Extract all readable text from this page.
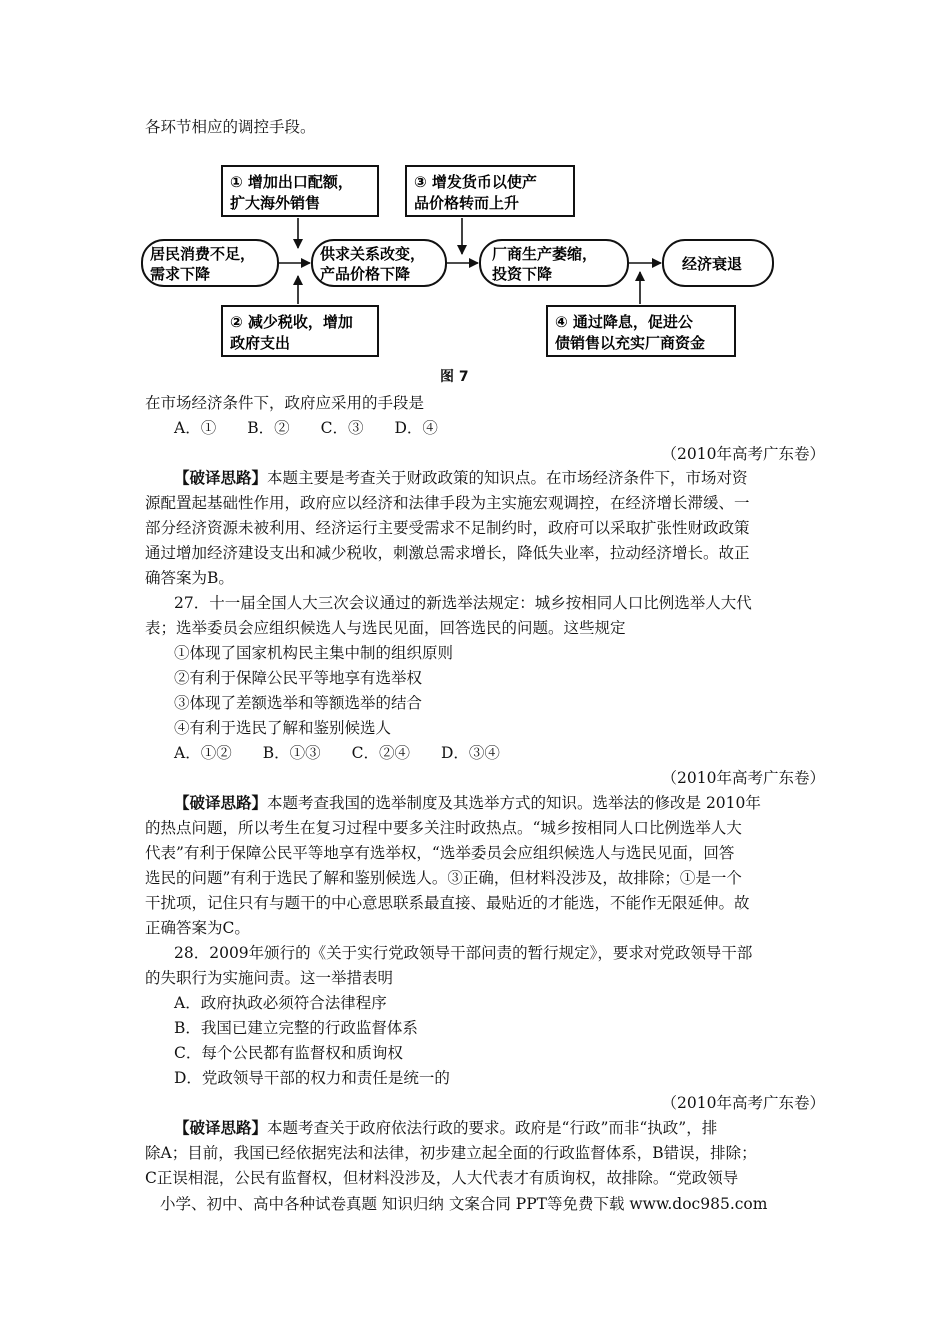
各环节相应的调控手段。
① 增加出口配额，
扩大海外销售
③ 增发货币以使产
品价格转而上升
② 减少税收，增加
政府支出
④ 通过降息，促进公
债销售以充实厂商资金
居民消费不足，
需求下降
供求关系改变，
产品价格下降
厂商生产萎缩，
投资下降
经济衰退
图 7
在市场经济条件下，政府应采用的手段是
A．①　　B．②　　C．③　　D．④
（2010年高考广东卷）
【破译思路】本题主要是考查关于财政政策的知识点。在市场经济条件下，市场对资
源配置起基础性作用，政府应以经济和法律手段为主实施宏观调控，在经济增长滞缓、一
部分经济资源未被利用、经济运行主要受需求不足制约时，政府可以采取扩张性财政政策
通过增加经济建设支出和减少税收，刺激总需求增长，降低失业率，拉动经济增长。故正
确答案为B。
27．十一届全国人大三次会议通过的新选举法规定：城乡按相同人口比例选举人大代
表；选举委员会应组织候选人与选民见面，回答选民的问题。这些规定
①体现了国家机构民主集中制的组织原则
②有利于保障公民平等地享有选举权
③体现了差额选举和等额选举的结合
④有利于选民了解和鉴别候选人
A．①②　　B．①③　　C．②④　　D．③④
（2010年高考广东卷）
【破译思路】本题考查我国的选举制度及其选举方式的知识。选举法的修改是 2010年
的热点问题，所以考生在复习过程中要多关注时政热点。“城乡按相同人口比例选举人大
代表”有利于保障公民平等地享有选举权，“选举委员会应组织候选人与选民见面，回答
选民的问题”有利于选民了解和鉴别候选人。③正确，但材料没涉及，故排除；①是一个
干扰项，记住只有与题干的中心意思联系最直接、最贴近的才能选，不能作无限延伸。故
正确答案为C。
28．2009年颁行的《关于实行党政领导干部问责的暂行规定》，要求对党政领导干部
的失职行为实施问责。这一举措表明
A．政府执政必须符合法律程序
B．我国已建立完整的行政监督体系
C．每个公民都有监督权和质询权
D．党政领导干部的权力和责任是统一的
（2010年高考广东卷）
【破译思路】本题考查关于政府依法行政的要求。政府是“行政”而非“执政”，排
除A；目前，我国已经依据宪法和法律，初步建立起全面的行政监督体系，B错误，排除；
C正误相混，公民有监督权，但材料没涉及，人大代表才有质询权，故排除。“党政领导
小学、初中、高中各种试卷真题 知识归纳 文案合同 PPT等免费下载 www.doc985.com
